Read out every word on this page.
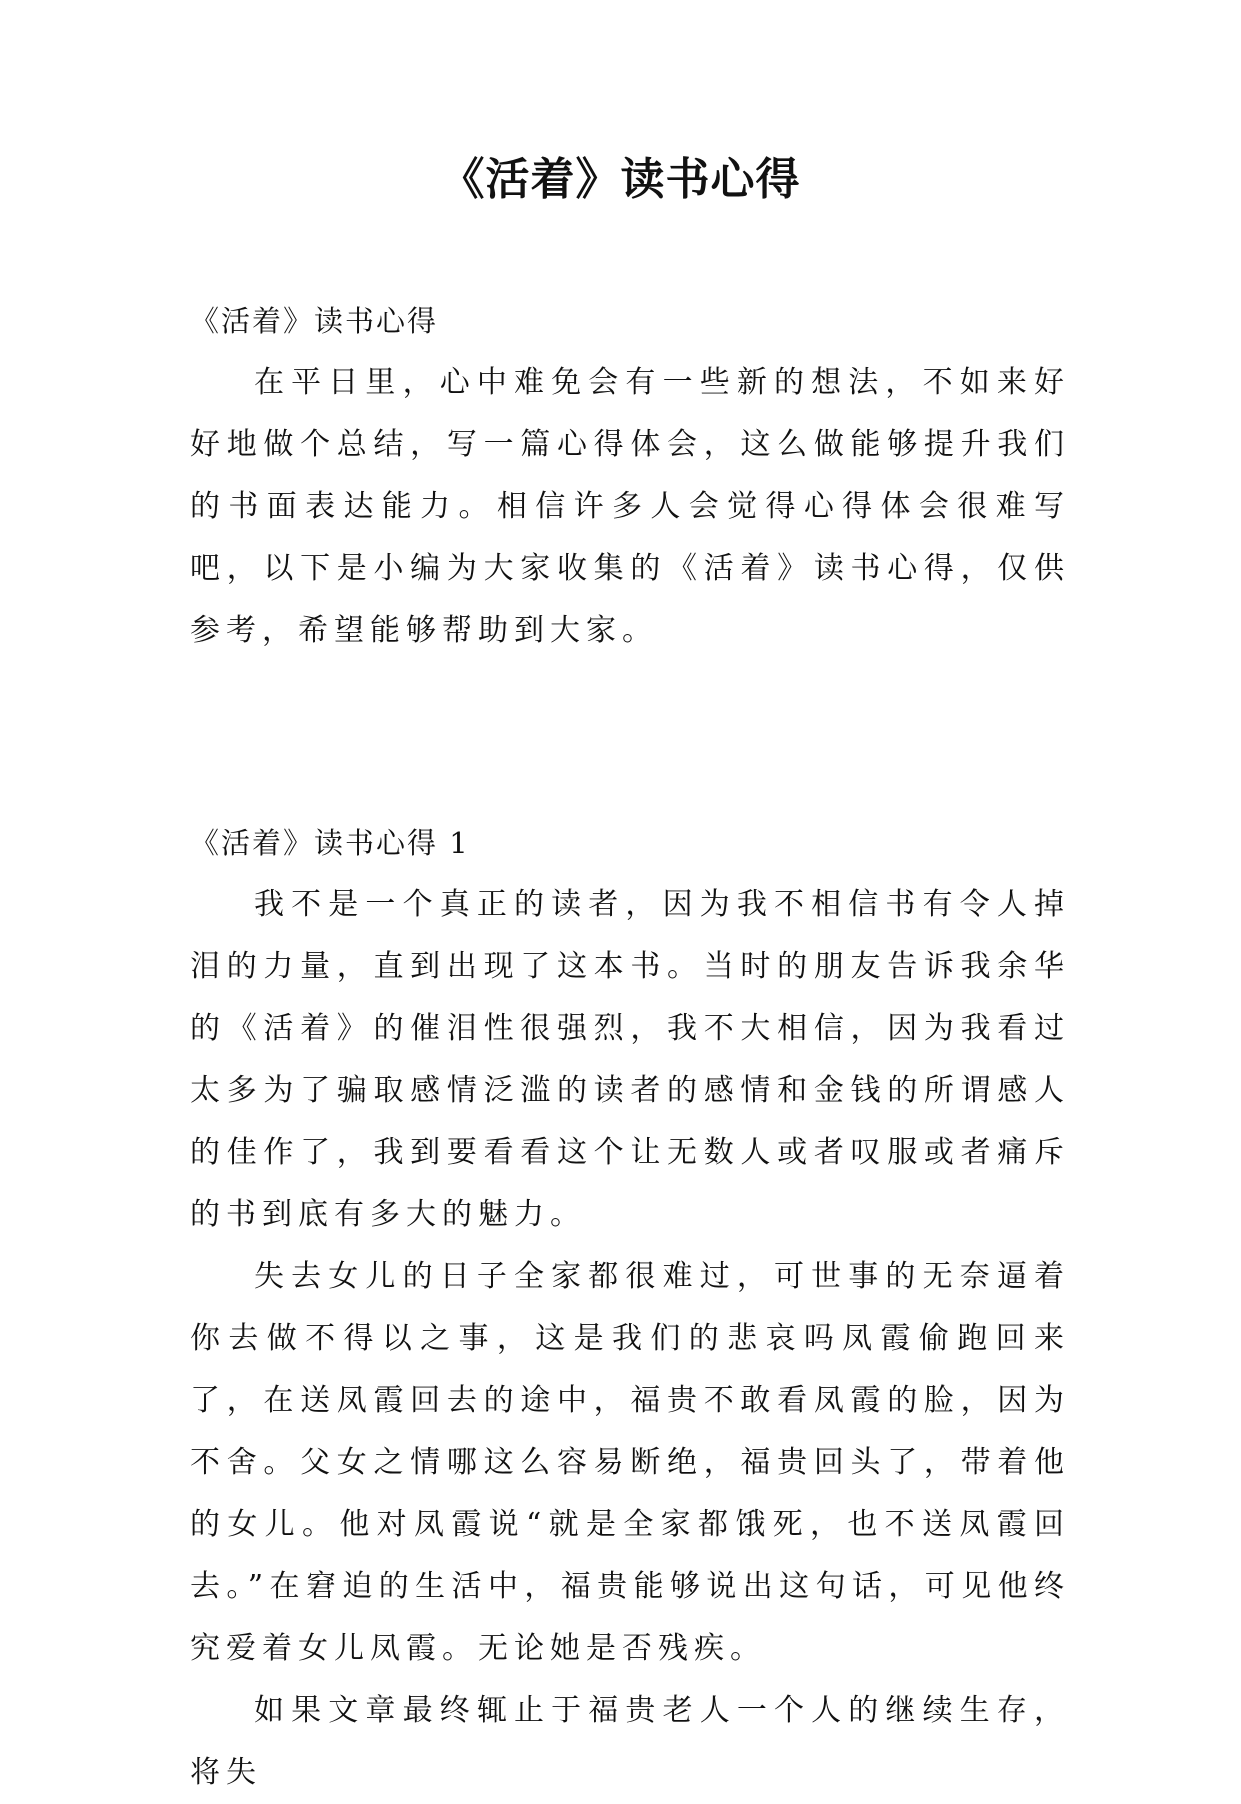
《活着》读书心得

《活着》读书心得

在平日里，心中难免会有一些新的想法，不如来好好地做个总结，写一篇心得体会，这么做能够提升我们的书面表达能力。相信许多人会觉得心得体会很难写吧，以下是小编为大家收集的《活着》读书心得，仅供参考，希望能够帮助到大家。

《活着》读书心得 1

我不是一个真正的读者，因为我不相信书有令人掉泪的力量，直到出现了这本书。当时的朋友告诉我余华的《活着》的催泪性很强烈，我不大相信，因为我看过太多为了骗取感情泛滥的读者的感情和金钱的所谓感人的佳作了，我到要看看这个让无数人或者叹服或者痛斥的书到底有多大的魅力。

失去女儿的日子全家都很难过，可世事的无奈逼着你去做不得以之事，这是我们的悲哀吗凤霞偷跑回来了，在送凤霞回去的途中，福贵不敢看凤霞的脸，因为不舍。父女之情哪这么容易断绝，福贵回头了，带着他的女儿。他对凤霞说“就是全家都饿死，也不送凤霞回去。”在窘迫的生活中，福贵能够说出这句话，可见他终究爱着女儿凤霞。无论她是否残疾。

如果文章最终辄止于福贵老人一个人的继续生存，将失
